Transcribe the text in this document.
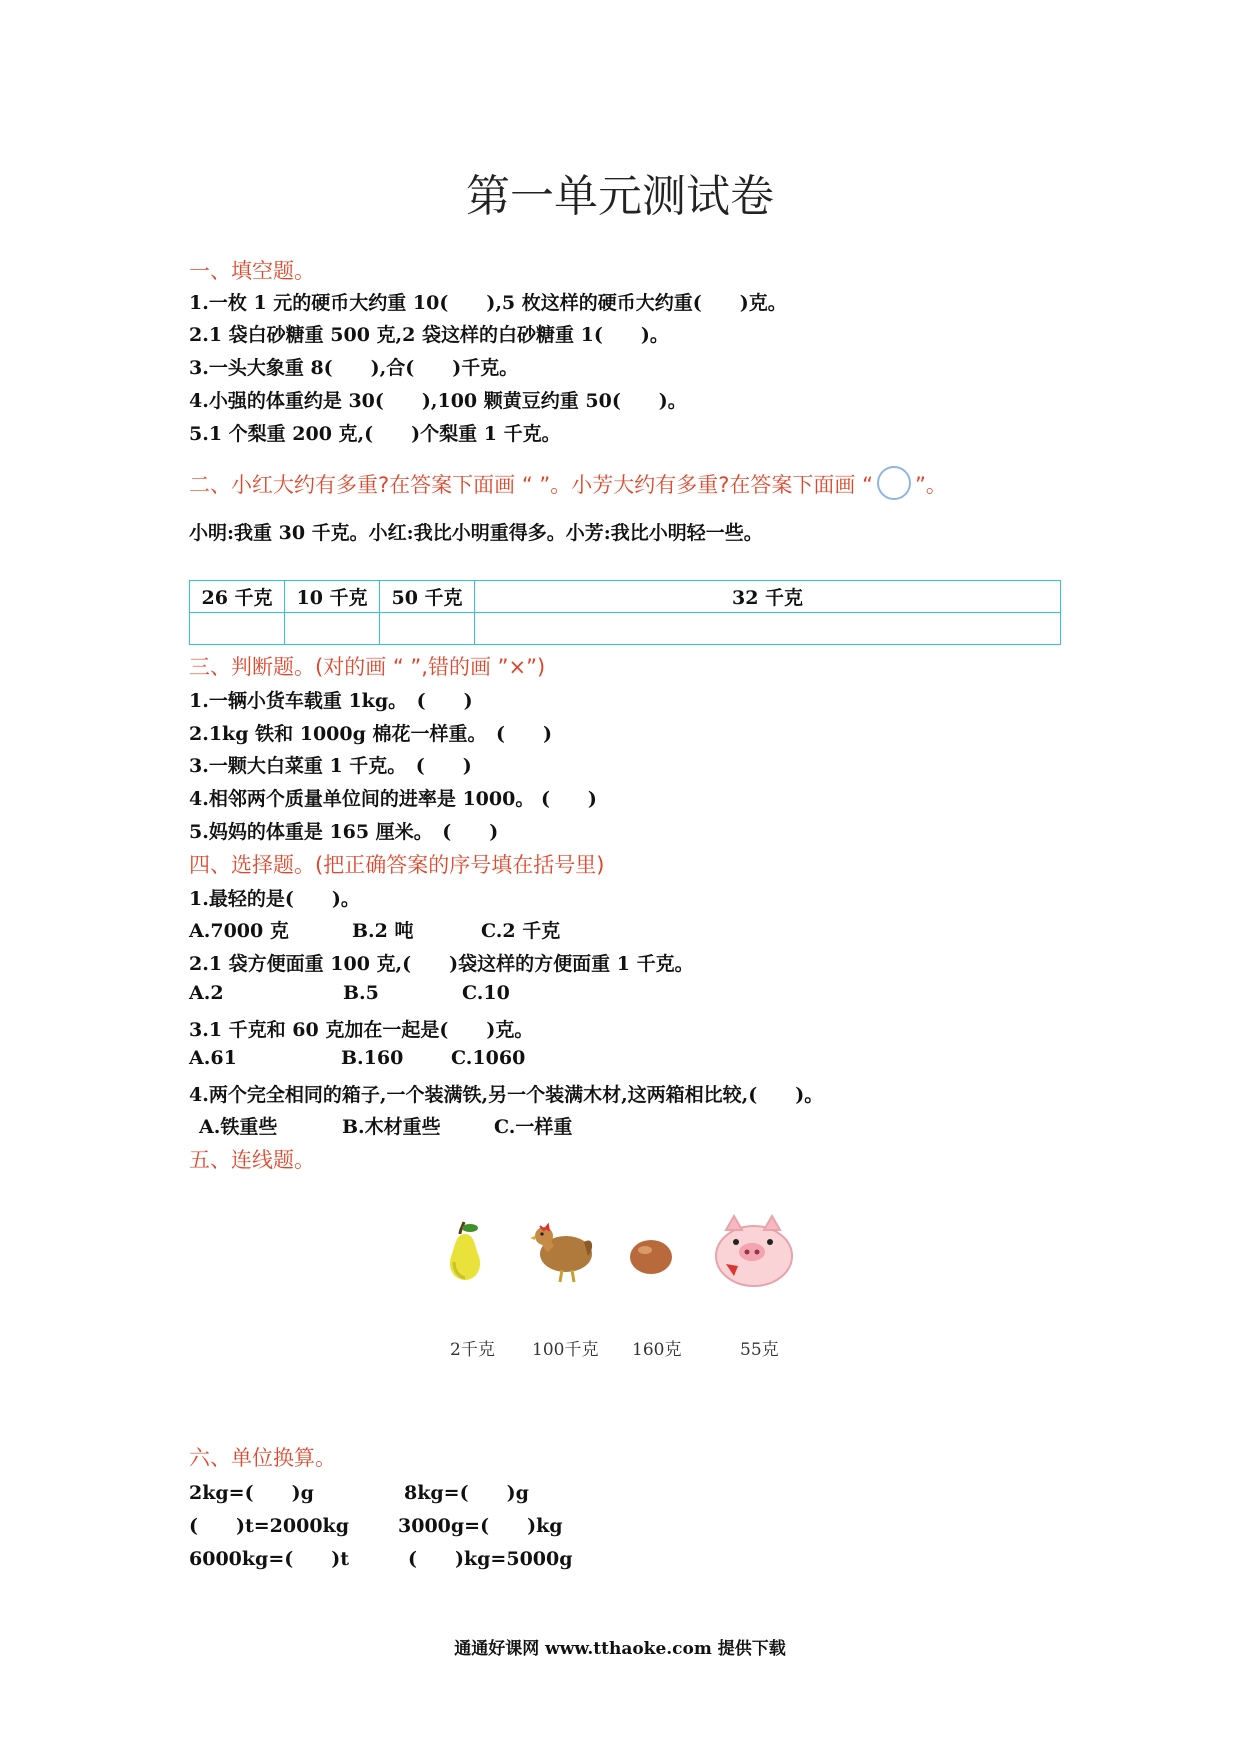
第一单元测试卷
一、填空题。
1.一枚 1 元的硬币大约重 10(　　),5 枚这样的硬币大约重(　　)克。
2.1 袋白砂糖重 500 克,2 袋这样的白砂糖重 1(　　)。
3.一头大象重 8(　　),合(　　)千克。
4.小强的体重约是 30(　　),100 颗黄豆约重 50(　　)。
5.1 个梨重 200 克,(　　)个梨重 1 千克。
二、小红大约有多重?在答案下面画 “ ”。小芳大约有多重?在答案下面画 “ ”。
小明:我重 30 千克。小红:我比小明重得多。小芳:我比小明轻一些。
26 千克	10 千克	50 千克	32 千克

三、判断题。(对的画 “ ”,错的画 ”×”)
1.一辆小货车载重 1kg。　(　　)
2.1kg 铁和 1000g 棉花一样重。　(　　)
3.一颗大白菜重 1 千克。　(　　)
4.相邻两个质量单位间的进率是 1000。 (　　)
5.妈妈的体重是 165 厘米。　(　　)
四、选择题。(把正确答案的序号填在括号里)
1.最轻的是(　　)。
A.7000 克	B.2 吨	C.2 千克
2.1 袋方便面重 100 克,(　　)袋这样的方便面重 1 千克。
A.2	B.5	C.10
3.1 千克和 60 克加在一起是(　　)克。
A.61	B.160	C.1060
4.两个完全相同的箱子,一个装满铁,另一个装满木材,这两箱相比较,(　　)。
A.铁重些	B.木材重些	C.一样重
五、连线题。
2千克 100千克 160克	55克
六、单位换算。
2kg=(　　)g	8kg=(　　)g
(　　)t=2000kg	3000g=(　　)kg
6000kg=(　　)t	(　　)kg=5000g
通通好课网 www.tthaoke.com 提供下载
